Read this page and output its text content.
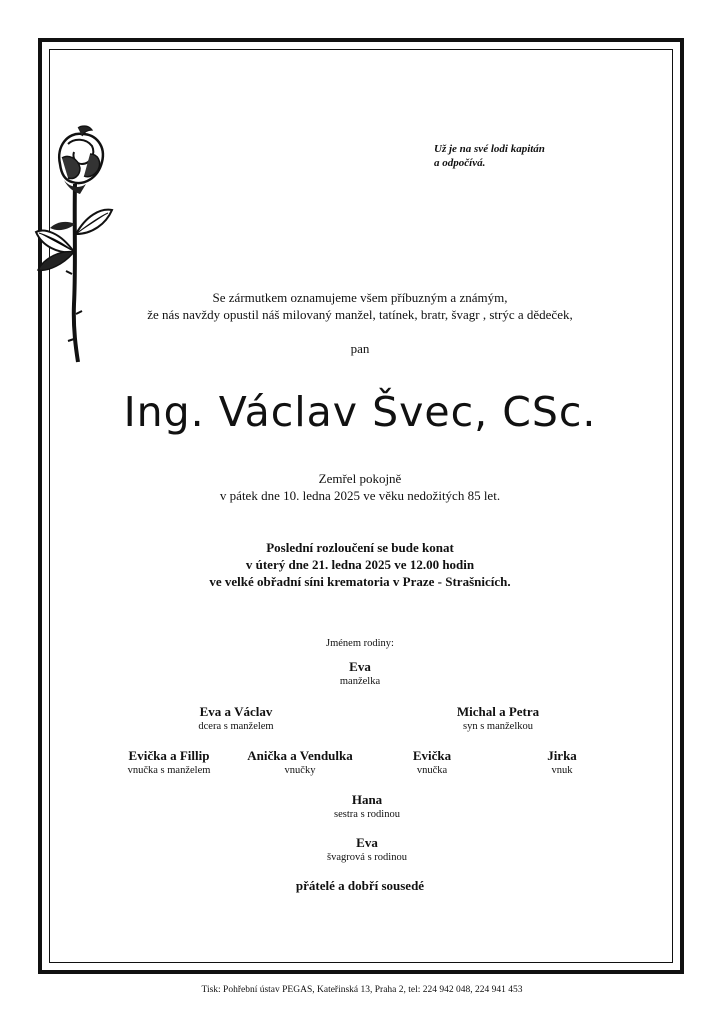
Už je na své lodi kapitán
a odpočívá.
Se zármutkem oznamujeme všem příbuzným a známým,
že nás navždy opustil náš milovaný manžel, tatínek, bratr, švagr , strýc a dědeček,
pan
Ing. Václav Švec, CSc.
Zemřel pokojně
v pátek dne 10. ledna 2025 ve věku nedožitých 85 let.
Poslední rozloučení se bude konat
v úterý dne 21. ledna 2025 ve 12.00 hodin
ve velké obřadní síni krematoria v Praze - Strašnicích.
Jménem rodiny:
Eva
manželka
Eva a Václav
dcera s manželem
Michal a Petra
syn s manželkou
Evička a Fillip
vnučka s manželem
Anička a Vendulka
vnučky
Evička
vnučka
Jirka
vnuk
Hana
sestra s rodinou
Eva
švagrová s rodinou
přátelé a dobří sousedé
Tisk: Pohřební ústav PEGAS, Kateřinská 13, Praha 2, tel: 224 942 048, 224 941 453
